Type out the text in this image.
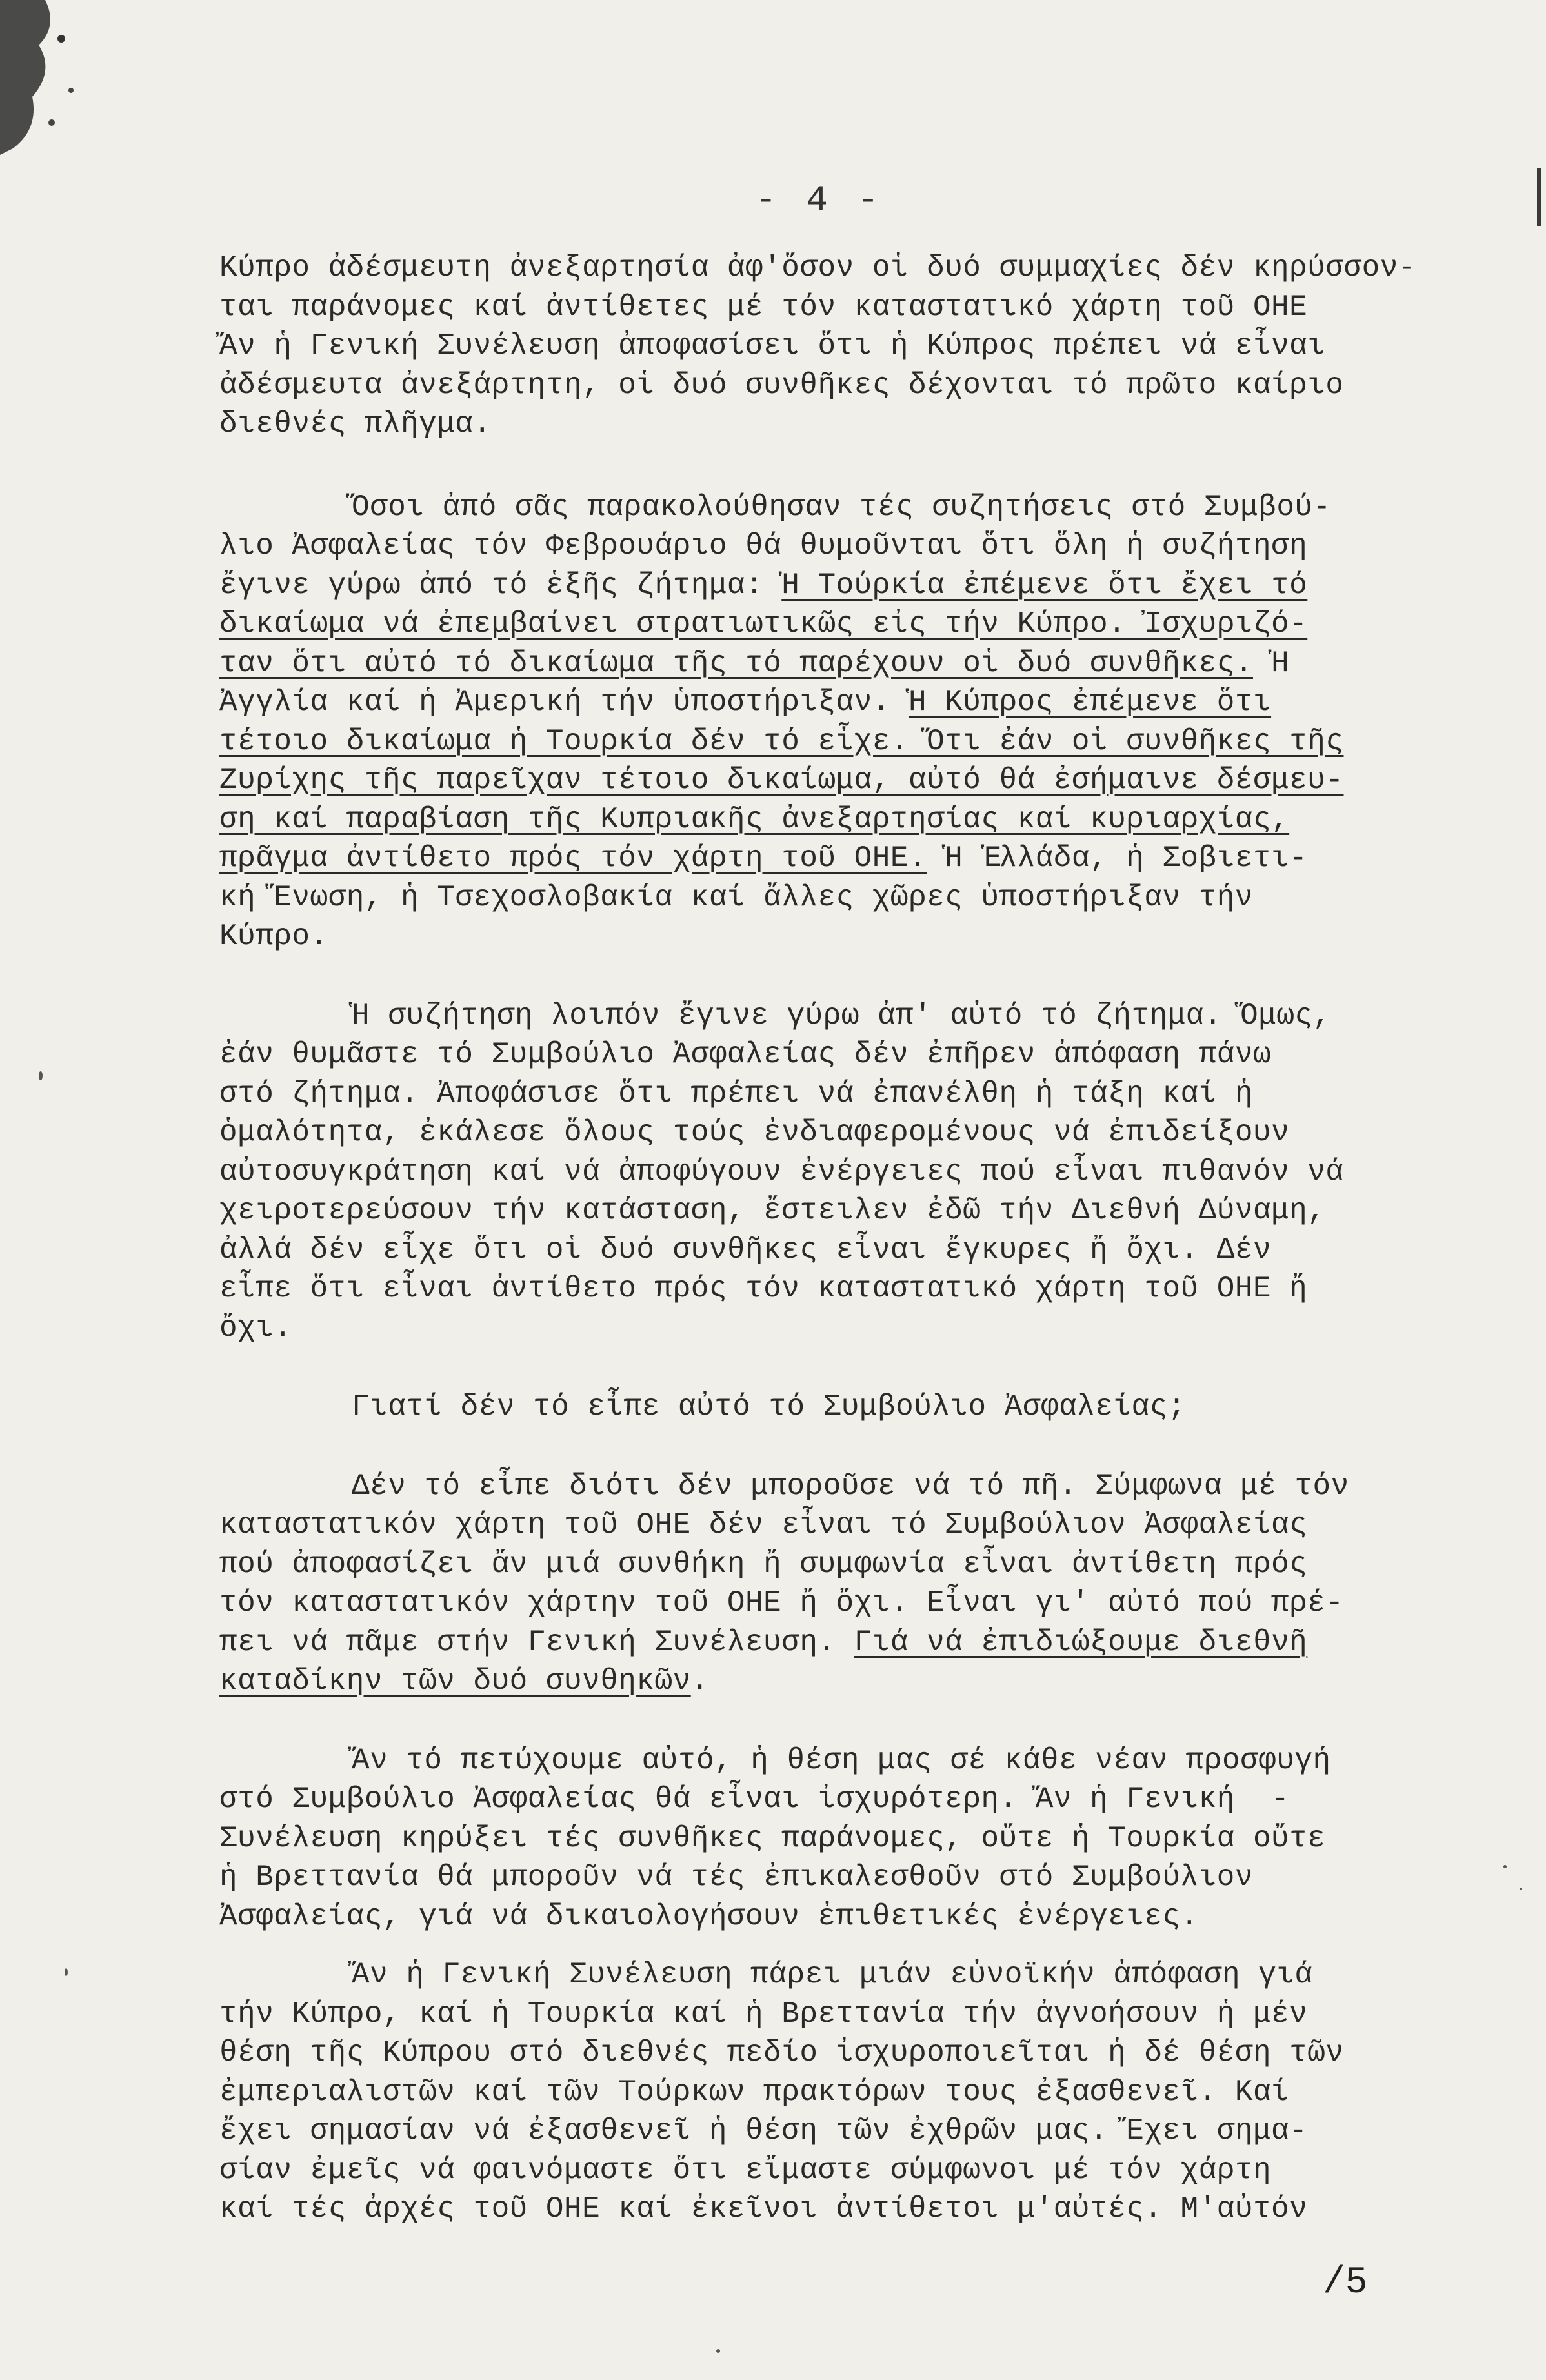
- 4 -
Κύπρο ἀδέσμευτη ἀνεξαρτησία ἀφ'ὅσον οἱ δυό συμμαχίες δέν κηρύσσον-
ται παράνομες καί ἀντίθετες μέ τόν καταστατικό χάρτη τοῦ ΟΗΕ
Ἄν ἡ Γενική Συνέλευση ἀποφασίσει ὅτι ἡ Κύπρος πρέπει νά εἶναι
ἀδέσμευτα ἀνεξάρτητη, οἱ δυό συνθῆκες δέχονται τό πρῶτο καίριο
διεθνές πλῆγμα.
Ὅσοι ἀπό σᾶς παρακολούθησαν τές συζητήσεις στό Συμβού-
λιο Ἀσφαλείας τόν Φεβρουάριο θά θυμοῦνται ὅτι ὅλη ἡ συζήτηση
ἔγινε γύρω ἀπό τό ἑξῆς ζήτημα: Ἡ Τούρκία ἐπέμενε ὅτι ἔχει τό
δικαίωμα νά ἐπεμβαίνει στρατιωτικῶς εἰς τήν Κύπρο. Ἰσχυριζό-
ταν ὅτι αὐτό τό δικαίωμα τῆς τό παρέχουν οἱ δυό συνθῆκες. Ἡ
Ἀγγλία καί ἡ Ἀμερική τήν ὑποστήριξαν. Ἡ Κύπρος ἐπέμενε ὅτι
τέτοιο δικαίωμα ἡ Τουρκία δέν τό εἶχε. Ὅτι ἐάν οἱ συνθῆκες τῆς
Ζυρίχης τῆς παρεῖχαν τέτοιο δικαίωμα, αὐτό θά ἐσήμαινε δέσμευ-
ση καί παραβίαση τῆς Κυπριακῆς ἀνεξαρτησίας καί κυριαρχίας,
πρᾶγμα ἀντίθετο πρός τόν χάρτη τοῦ ΟΗΕ. Ἡ Ἑλλάδα, ἡ Σοβιετι-
κή Ἕνωση, ἡ Τσεχοσλοβακία καί ἄλλες χῶρες ὑποστήριξαν τήν
Κύπρο.
Ἡ συζήτηση λοιπόν ἔγινε γύρω ἀπ' αὐτό τό ζήτημα. Ὅμως,
ἐάν θυμᾶστε τό Συμβούλιο Ἀσφαλείας δέν ἐπῆρεν ἀπόφαση πάνω
στό ζήτημα. Ἀποφάσισε ὅτι πρέπει νά ἐπανέλθη ἡ τάξη καί ἡ
ὁμαλότητα, ἐκάλεσε ὅλους τούς ἐνδιαφερομένους νά ἐπιδείξουν
αὐτοσυγκράτηση καί νά ἀποφύγουν ἐνέργειες πού εἶναι πιθανόν νά
χειροτερεύσουν τήν κατάσταση, ἔστειλεν ἐδῶ τήν Διεθνή Δύναμη,
ἀλλά δέν εἶχε ὅτι οἱ δυό συνθῆκες εἶναι ἔγκυρες ἤ ὄχι. Δέν
εἶπε ὅτι εἶναι ἀντίθετο πρός τόν καταστατικό χάρτη τοῦ ΟΗΕ ἤ
ὄχι.
Γιατί δέν τό εἶπε αὐτό τό Συμβούλιο Ἀσφαλείας;
Δέν τό εἶπε διότι δέν μποροῦσε νά τό πῆ. Σύμφωνα μέ τόν
καταστατικόν χάρτη τοῦ ΟΗΕ δέν εἶναι τό Συμβούλιον Ἀσφαλείας
πού ἀποφασίζει ἄν μιά συνθήκη ἤ συμφωνία εἶναι ἀντίθετη πρός
τόν καταστατικόν χάρτην τοῦ ΟΗΕ ἤ ὄχι. Εἶναι γι' αὐτό πού πρέ-
πει νά πᾶμε στήν Γενική Συνέλευση. Γιά νά ἐπιδιώξουμε διεθνῆ
καταδίκην τῶν δυό συνθηκῶν.
Ἄν τό πετύχουμε αὐτό, ἡ θέση μας σέ κάθε νέαν προσφυγή
στό Συμβούλιο Ἀσφαλείας θά εἶναι ἰσχυρότερη. Ἄν ἡ Γενική  -
Συνέλευση κηρύξει τές συνθῆκες παράνομες, οὔτε ἡ Τουρκία οὔτε
ἡ Βρεττανία θά μποροῦν νά τές ἐπικαλεσθοῦν στό Συμβούλιον
Ἀσφαλείας, γιά νά δικαιολογήσουν ἐπιθετικές ἐνέργειες.
Ἄν ἡ Γενική Συνέλευση πάρει μιάν εὐνοϊκήν ἀπόφαση γιά
τήν Κύπρο, καί ἡ Τουρκία καί ἡ Βρεττανία τήν ἀγνοήσουν ἡ μέν
θέση τῆς Κύπρου στό διεθνές πεδίο ἰσχυροποιεῖται ἡ δέ θέση τῶν
ἐμπεριαλιστῶν καί τῶν Τούρκων πρακτόρων τους ἐξασθενεῖ. Καί
ἔχει σημασίαν νά ἐξασθενεῖ ἡ θέση τῶν ἐχθρῶν μας. Ἔχει σημα-
σίαν ἐμεῖς νά φαινόμαστε ὅτι εἴμαστε σύμφωνοι μέ τόν χάρτη
καί τές ἀρχές τοῦ ΟΗΕ καί ἐκεῖνοι ἀντίθετοι μ'αὐτές. Μ'αὐτόν
/5
